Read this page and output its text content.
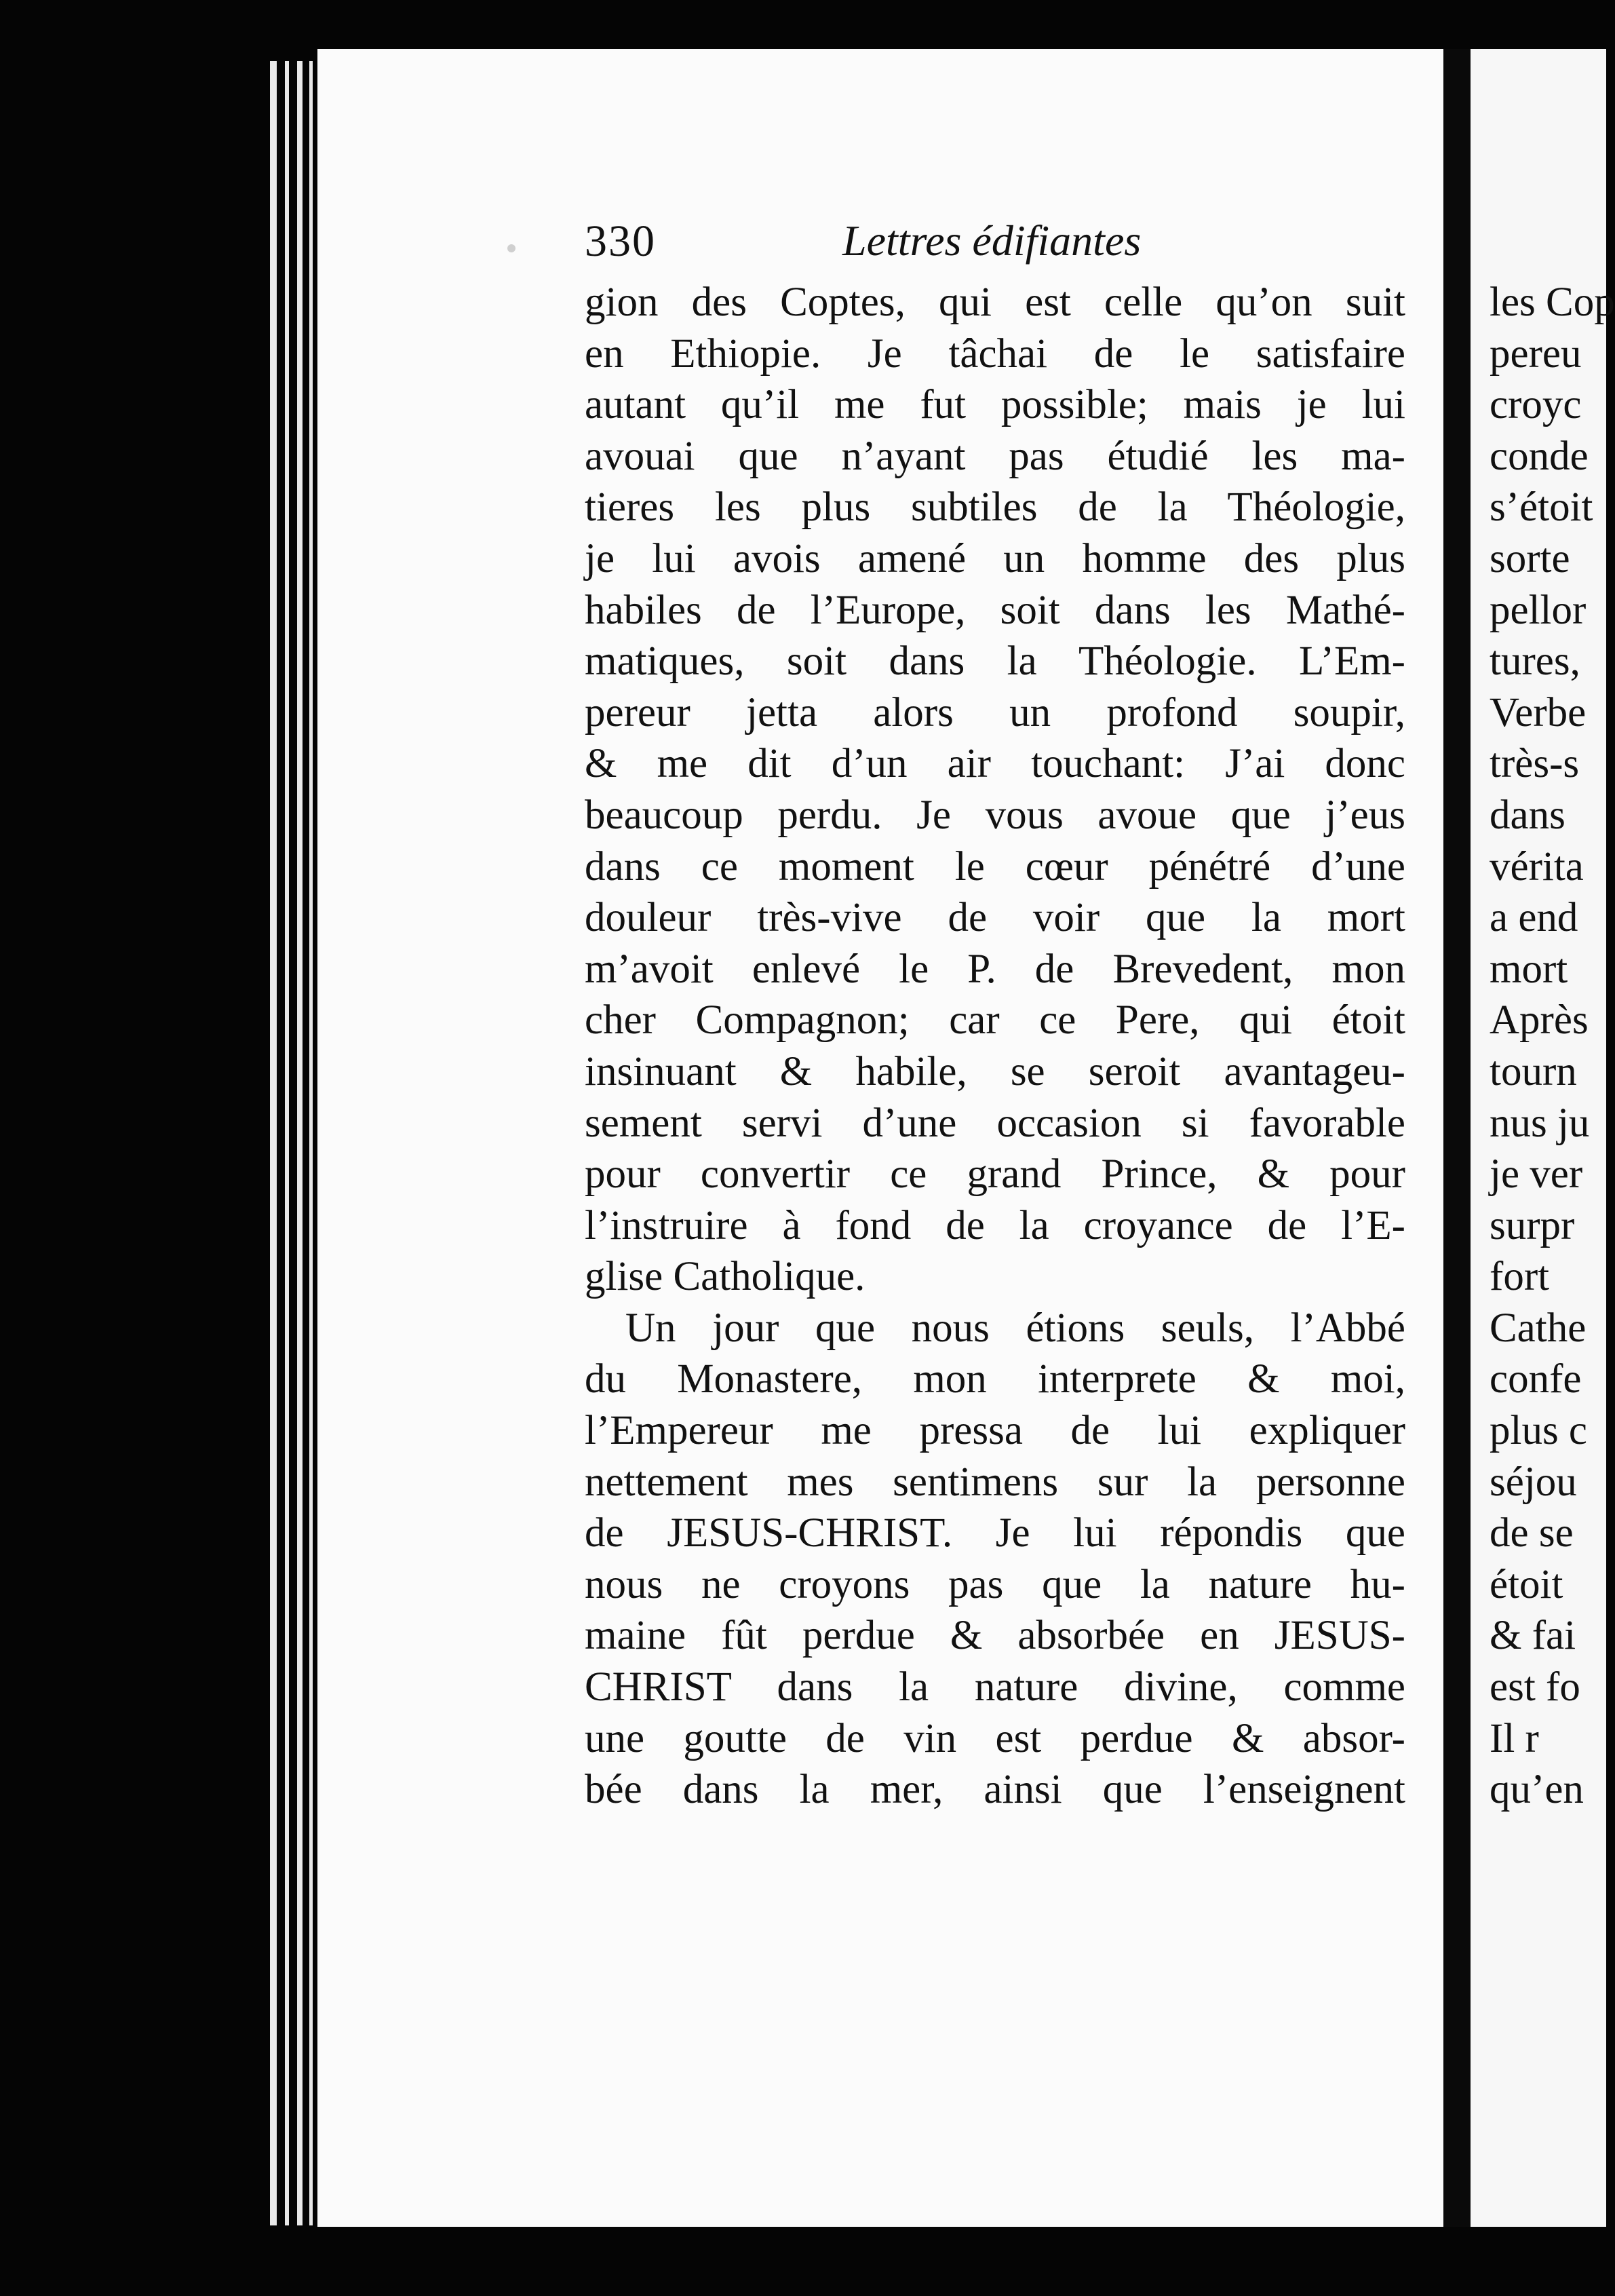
les Cop
pereu
croyc
conde
s’étoit
sorte
pellor
tures,
Verbe
très-s
dans
vérita
a end
mort
Après
tourn
nus ju
je ver
surpr
fort
Cathe
confe
plus c
séjou
de se
étoit
& fai
est fo
Il r
qu’en
330	Lettres édifiantes
gion des Coptes, qui est celle qu’on suit
en Ethiopie. Je tâchai de le satisfaire
autant qu’il me fut possible; mais je lui
avouai que n’ayant pas étudié les ma-
tieres les plus subtiles de la Théologie,
je lui avois amené un homme des plus
habiles de l’Europe, soit dans les Mathé-
matiques, soit dans la Théologie. L’Em-
pereur jetta alors un profond soupir,
& me dit d’un air touchant: J’ai donc
beaucoup perdu. Je vous avoue que j’eus
dans ce moment le cœur pénétré d’une
douleur très-vive de voir que la mort
m’avoit enlevé le P. de Brevedent, mon
cher Compagnon; car ce Pere, qui étoit
insinuant & habile, se seroit avantageu-
sement servi d’une occasion si favorable
pour convertir ce grand Prince, & pour
l’instruire à fond de la croyance de l’E-
glise Catholique.
Un jour que nous étions seuls, l’Abbé
du Monastere, mon interprete & moi,
l’Empereur me pressa de lui expliquer
nettement mes sentimens sur la personne
de JESUS-CHRIST. Je lui répondis que
nous ne croyons pas que la nature hu-
maine fût perdue & absorbée en JESUS-
CHRIST dans la nature divine, comme
une goutte de vin est perdue & absor-
bée dans la mer, ainsi que l’enseignent
